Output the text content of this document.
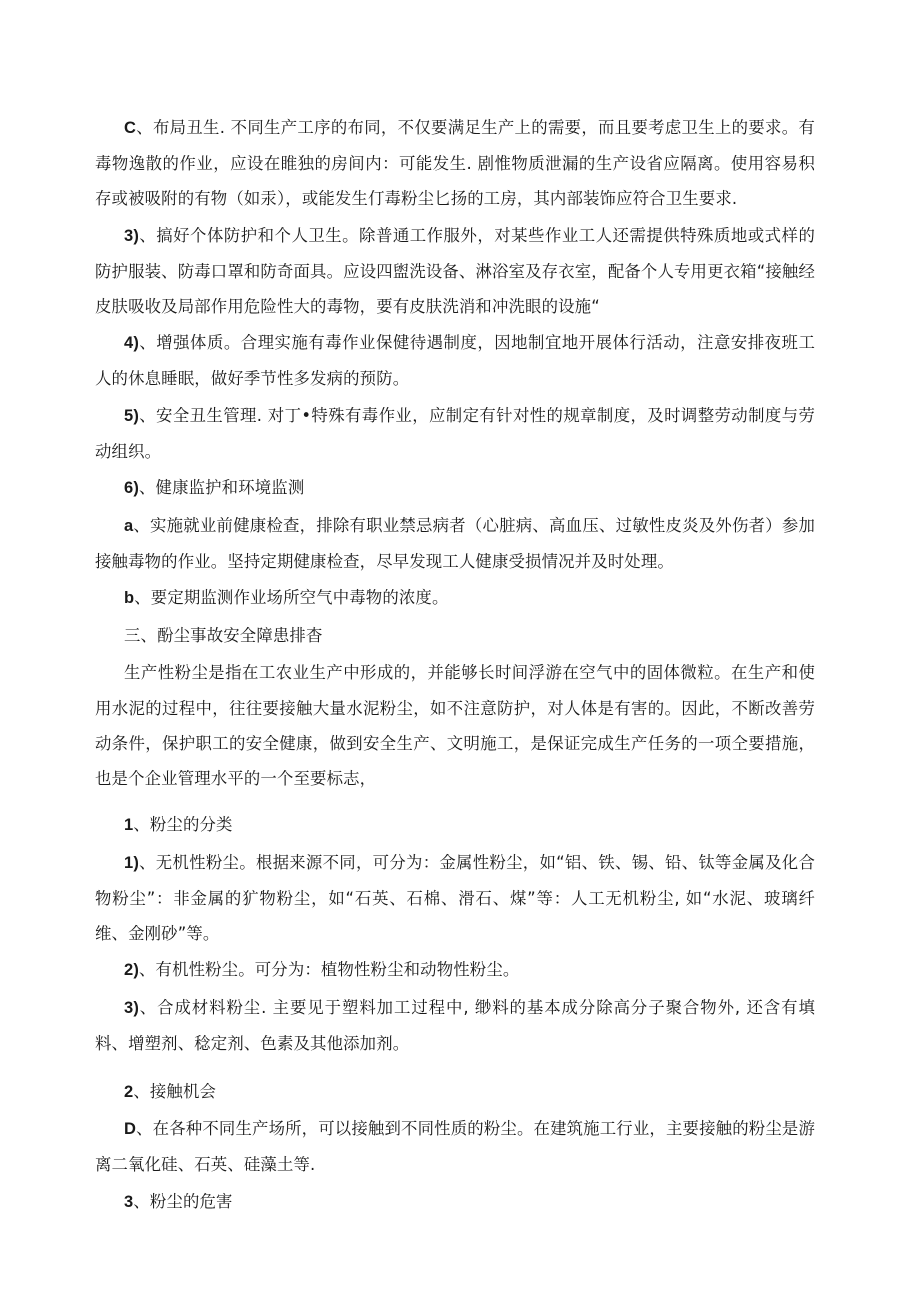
C、布局丑生. 不同生产工序的布同，不仅要满足生产上的需要，而且要考虑卫生上的要求。有毒物逸散的作业，应设在睢独的房间内：可能发生. 剧惟物质泄漏的生产设省应隔离。使用容易积存或被吸附的有物（如汞），或能发生仃毒粉尘匕扬的工房，其内部装饰应符合卫生要求.

3)、搞好个体防护和个人卫生。除普通工作服外，对某些作业工人还需提供特殊质地或式样的防护服装、防毒口罩和防奇面具。应设四盥洗设备、淋浴室及存衣室，配备个人专用更衣箱“接触经皮肤吸收及局部作用危险性大的毒物，要有皮肤洗消和冲洗眼的设施“

4)、增强体质。合理实施有毒作业保健待遇制度，因地制宜地开展体行活动，注意安排夜班工人的休息睡眠，做好季节性多发病的预防。

5)、安全丑生管理. 对丁•特殊有毒作业，应制定有针对性的规章制度，及时调整劳动制度与劳动组织。

6)、健康监护和环境监测

a、实施就业前健康检查，排除有职业禁忌病者（心脏病、高血压、过敏性皮炎及外伤者）参加接触毒物的作业。坚持定期健康检查，尽早发现工人健康受损情况并及时处理。

b、要定期监测作业场所空气中毒物的浓度。

三、酚尘事故安全障患排杳

生产性粉尘是指在工农业生产中形成的，并能够长时间浮游在空气中的固体微粒。在生产和使用水泥的过程中，往往要接触大量水泥粉尘，如不注意防护，对人体是有害的。因此，不断改善劳动条件，保护职工的安全健康，做到安全生产、文明施工，是保证完成生产任务的一项仝要措施，也是个企业管理水平的一个至要标志，

1、粉尘的分类

1)、无机性粉尘。根据来源不同，可分为：金属性粉尘，如“铝、铁、锡、铅、钛等金属及化合物粉尘”：非金属的犷物粉尘，如“石英、石棉、滑石、煤”等：人工无机粉尘, 如“水泥、玻璃纤维、金刚砂”等。

2)、有机性粉尘。可分为：植物性粉尘和动物性粉尘。

3)、合成材料粉尘. 主要见于塑料加工过程中, 缈料的基本成分除高分子聚合物外, 还含有填料、增塑剂、稔定剂、色素及其他添加剂。

2、接触机会

D、在各种不同生产场所，可以接触到不同性质的粉尘。在建筑施工行业，主要接触的粉尘是游离二氧化硅、石英、硅藻土等.

3、粉尘的危害
